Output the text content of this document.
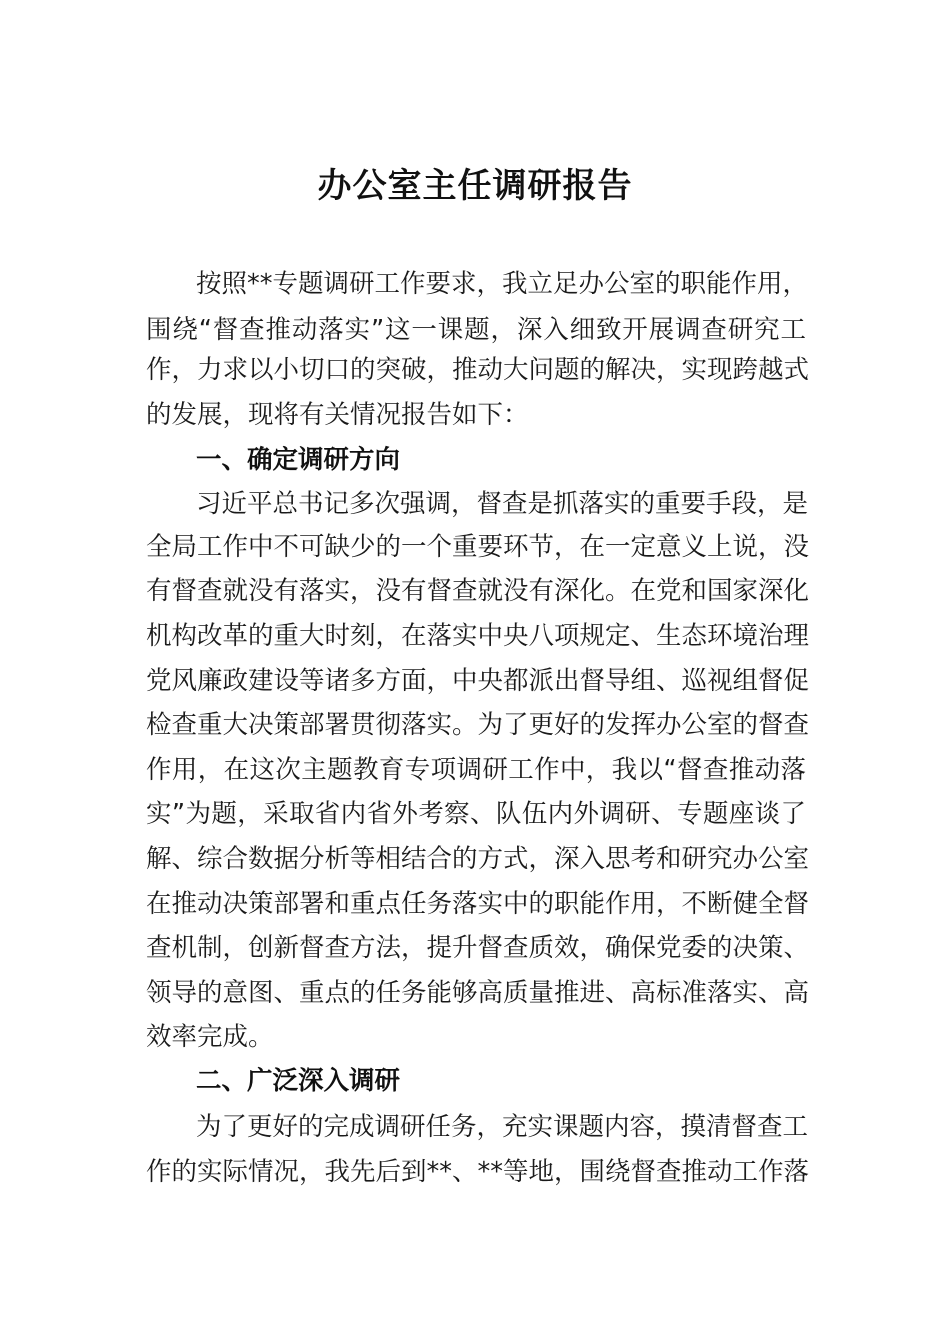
办公室主任调研报告
按照**专题调研工作要求，我立足办公室的职能作用，
围绕“督查推动落实”这一课题，深入细致开展调查研究工
作，力求以小切口的突破，推动大问题的解决，实现跨越式
的发展，现将有关情况报告如下：
一、确定调研方向
习近平总书记多次强调，督查是抓落实的重要手段，是
全局工作中不可缺少的一个重要环节，在一定意义上说，没
有督查就没有落实，没有督查就没有深化。在党和国家深化
机构改革的重大时刻，在落实中央八项规定、生态环境治理
党风廉政建设等诸多方面，中央都派出督导组、巡视组督促
检查重大决策部署贯彻落实。为了更好的发挥办公室的督查
作用，在这次主题教育专项调研工作中，我以“督查推动落
实”为题，采取省内省外考察、队伍内外调研、专题座谈了
解、综合数据分析等相结合的方式，深入思考和研究办公室
在推动决策部署和重点任务落实中的职能作用，不断健全督
查机制，创新督查方法，提升督查质效，确保党委的决策、
领导的意图、重点的任务能够高质量推进、高标准落实、高
效率完成。
二、广泛深入调研
为了更好的完成调研任务，充实课题内容，摸清督查工
作的实际情况，我先后到**、**等地，围绕督查推动工作落
